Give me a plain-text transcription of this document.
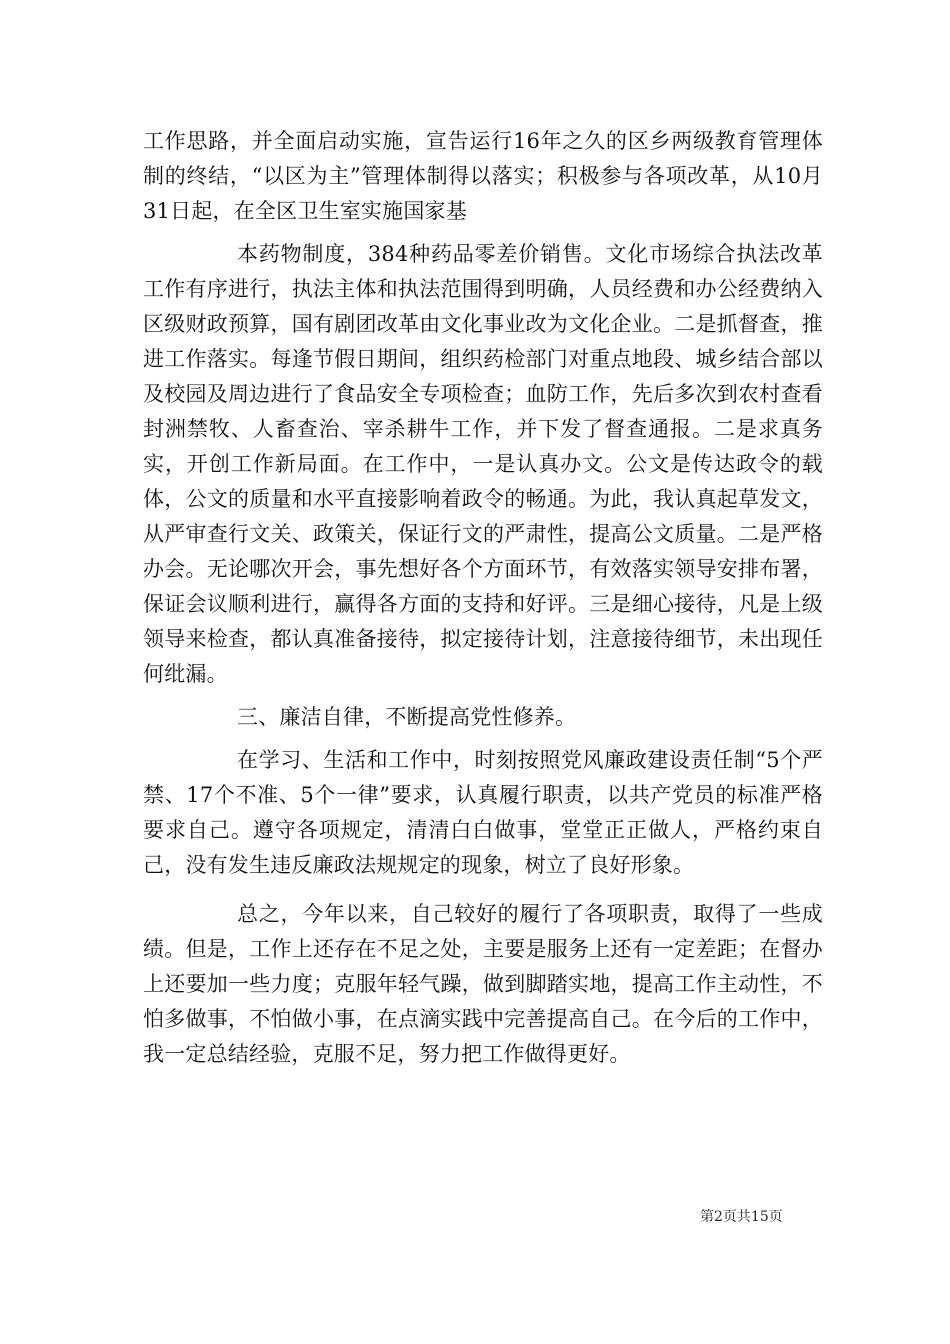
工作思路，并全面启动实施，宣告运行16年之久的区乡两级教育管理体制的终结，“以区为主”管理体制得以落实；积极参与各项改革，从10月31日起，在全区卫生室实施国家基

本药物制度，384种药品零差价销售。文化市场综合执法改革工作有序进行，执法主体和执法范围得到明确，人员经费和办公经费纳入区级财政预算，国有剧团改革由文化事业改为文化企业。二是抓督查，推进工作落实。每逢节假日期间，组织药检部门对重点地段、城乡结合部以及校园及周边进行了食品安全专项检查；血防工作，先后多次到农村查看封洲禁牧、人畜查治、宰杀耕牛工作，并下发了督查通报。二是求真务实，开创工作新局面。在工作中，一是认真办文。公文是传达政令的载体，公文的质量和水平直接影响着政令的畅通。为此，我认真起草发文，从严审查行文关、政策关，保证行文的严肃性，提高公文质量。二是严格办会。无论哪次开会，事先想好各个方面环节，有效落实领导安排布署，保证会议顺利进行，赢得各方面的支持和好评。三是细心接待，凡是上级领导来检查，都认真准备接待，拟定接待计划，注意接待细节，未出现任何纰漏。

三、廉洁自律，不断提高党性修养。

在学习、生活和工作中，时刻按照党风廉政建设责任制“5个严禁、17个不准、5个一律”要求，认真履行职责，以共产党员的标准严格要求自己。遵守各项规定，清清白白做事，堂堂正正做人，严格约束自己，没有发生违反廉政法规规定的现象，树立了良好形象。

总之，今年以来，自己较好的履行了各项职责，取得了一些成绩。但是，工作上还存在不足之处，主要是服务上还有一定差距；在督办上还要加一些力度；克服年轻气躁，做到脚踏实地，提高工作主动性，不怕多做事，不怕做小事，在点滴实践中完善提高自己。在今后的工作中，我一定总结经验，克服不足，努力把工作做得更好。

第2页共15页
